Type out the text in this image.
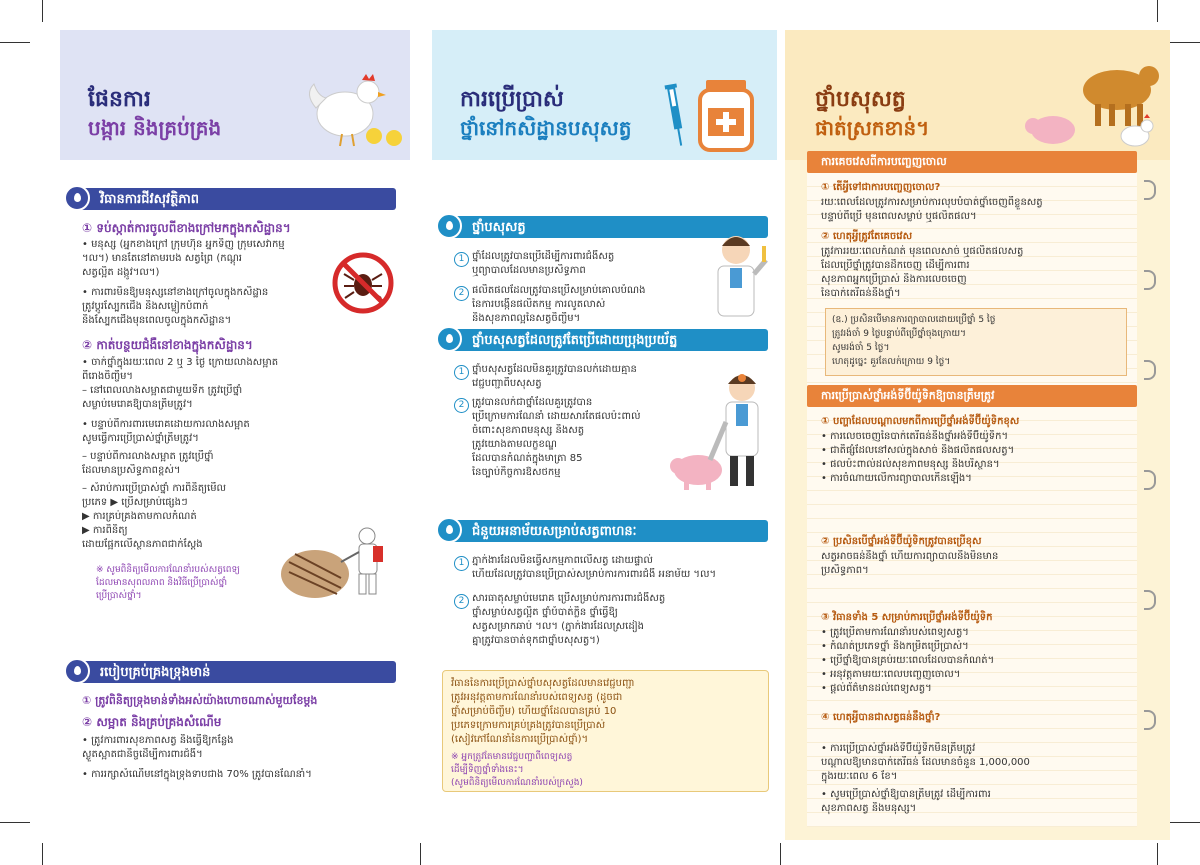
ផែនការ
បង្ការ និងគ្រប់គ្រង
វិធានការជីវសុវត្ថិភាព
① ទប់ស្កាត់ការចូលពីខាងក្រៅមកក្នុងកសិដ្ឋាន។
• មនុស្ស (អ្នកខាងក្រៅ ក្រុមហ៊ុន អ្នកទិញ ក្រុមសេវាកម្ម
។ល។) មានតែនៅតាមរបង សត្វព្រៃ (កណ្ដុរ
សត្វល្អិត ដង្កូវ។ល។)
• ការពារមិនឱ្យមនុស្សនៅខាងក្រៅចូលក្នុងកសិដ្ឋាន
ត្រូវប្តូរស្បែកជើង និងសម្លៀកបំពាក់
និងស្បែកជើងមុនពេលចូលក្នុងកសិដ្ឋាន។
② កាត់បន្ថយជំងឺនៅខាងក្នុងកសិដ្ឋាន។
• ចាក់ថ្នាំក្នុងរយៈពេល 2 ឬ 3 ថ្ងៃ ក្រោយលាងសម្អាត
ពីរោងចិញ្ចឹម។
– នៅពេលលាងសម្អាតជាមួយទឹក ត្រូវប្រើថ្នាំ
សម្លាប់មេរោគឱ្យបានត្រឹមត្រូវ។
• បន្ទាប់ពីការពារមេរោគដោយការលាងសម្អាត
សូមធ្វើការប្រើប្រាស់ថ្នាំត្រឹមត្រូវ។
– បន្ទាប់ពីការលាងសម្អាត ត្រូវប្រើថ្នាំ
ដែលមានប្រសិទ្ធភាពខ្ពស់។
– សំរាប់ការប្រើប្រាស់ថ្នាំ ការពិនិត្យមើល
ប្រភេទ ▶ ប្រើសម្រាប់ផ្សេងៗ
▶ ការគ្រប់គ្រងតាមកាលកំណត់
▶ ការពិនិត្យ
ដោយផ្អែកលើស្ថានភាពជាក់ស្តែង
※ សូមពិនិត្យមើលការណែនាំរបស់សត្វពេទ្យ
ដែលមានសុពលភាព និងវិធីប្រើប្រាស់ថ្នាំ
ប្រើប្រាស់ថ្នាំ។
របៀបគ្រប់គ្រងទ្រុងមាន់
① ត្រូវពិនិត្យទ្រុងមាន់ទាំងអស់យ៉ាងហោចណាស់មួយខែម្តង
② សម្អាត និងគ្រប់គ្រងសំណើម
• ត្រូវការពារសុខភាពសត្វ និងធ្វើឱ្យកន្លែង
ស្ងួតស្អាតជានិច្ចដើម្បីការពារជំងឺ។
• ការរក្សាសំណើមនៅក្នុងទ្រុងទាបជាង 70% ត្រូវបានណែនាំ។
ការប្រើប្រាស់
ថ្នាំនៅកសិដ្ឋានបសុសត្វ
ថ្នាំបសុសត្វ
1 ថ្នាំដែលត្រូវបានប្រើដើម្បីការពារជំងឺសត្វ
ឬព្យាបាលដែលមានប្រសិទ្ធភាព
2 ផលិតផលដែលត្រូវបានប្រើសម្រាប់គោលបំណង
នៃការបង្កើនផលិតកម្ម ការលូតលាស់
និងសុខភាពល្អនៃសត្វចិញ្ចឹម។
ថ្នាំបសុសត្វដែលត្រូវតែប្រើដោយប្រុងប្រយ័ត្ន
1 ថ្នាំបសុសត្វដែលមិនគួរត្រូវបានលក់ដោយគ្មាន
វេជ្ជបញ្ជាពីបសុសត្វ
2 ត្រូវបានលក់ជាថ្នាំដែលគួរត្រូវបាន
ប្រើក្រោមការណែនាំ ដោយសារតែផលប៉ះពាល់
ចំពោះសុខភាពមនុស្ស និងសត្វ
ត្រូវយោងតាមលក្ខខណ្ឌ
ដែលបានកំណត់ក្នុងមាត្រា 85
នៃច្បាប់កិច្ចការឱសថកម្ម
ជំនួយអនាម័យសម្រាប់សត្វពាហនៈ
1 ភ្នាក់ងារដែលមិនធ្វើសកម្មភាពលើសត្វ ដោយផ្ទាល់
ហើយដែលត្រូវបានប្រើប្រាស់សម្រាប់ការការពារជំងឺ អនាម័យ ។ល។
2 សារធាតុសម្លាប់មេរោគ ប្រើសម្រាប់ការការពារជំងឺសត្វ
ថ្នាំសម្លាប់សត្វល្អិត ថ្នាំបំបាត់ក្លិន ថ្នាំធ្វើឱ្យ
សត្វសម្រាកឆាប់ ។ល។ (ភ្នាក់ងារដែលស្រដៀង
គ្នាត្រូវបានចាត់ទុកជាថ្នាំបសុសត្វ។)
វិធាននៃការប្រើប្រាស់ថ្នាំបសុសត្វដែលមានវេជ្ជបញ្ជា
ត្រូវអនុវត្តតាមការណែនាំរបស់ពេទ្យសត្វ (ដូចជា
ថ្នាំសម្រាប់ចិញ្ចឹម) ហើយថ្នាំដែលបានគ្រប់ 10
ប្រភេទក្រោមការគ្រប់គ្រងត្រូវបានប្រើប្រាស់
(សៀវភៅណែនាំនៃការប្រើប្រាស់ថ្នាំ)។
※ អ្នកត្រូវតែមានវេជ្ជបញ្ជាពីពេទ្យសត្វ
ដើម្បីទិញថ្នាំទាំងនេះ។
(សូមពិនិត្យមើលការណែនាំរបស់ក្រសួង)
ថ្នាំបសុសត្វ
ផាត់ស្រកខាន់។
ការគេចវេសពីការបញ្ចេញចោល
① តើអ្វីទៅជាការបញ្ចេញចោល?
រយៈពេលដែលត្រូវការសម្រាប់ការលុបបំបាត់ថ្នាំចេញពីខ្លួនសត្វ
បន្ទាប់ពីប្រើ មុនពេលសម្លាប់ ឬផលិតផល។
② ហេតុអ្វីត្រូវតែគេចវេស
ត្រូវការរយៈពេលកំណត់ មុនពេលសាច់ ឬផលិតផលសត្វ
ដែលប្រើថ្នាំត្រូវបានដឹកចេញ ដើម្បីការពារ
សុខភាពអ្នកប្រើប្រាស់ និងការលេចចេញ
នៃបាក់តេរីធន់នឹងថ្នាំ។
(ឧ.) ប្រសិនបើមានការព្យាបាលដោយប្រើថ្នាំ 5 ថ្ងៃ
ត្រូវរង់ចាំ 9 ថ្ងៃបន្ទាប់ពីប្រើថ្នាំចុងក្រោយ។
សូមរង់ចាំ 5 ថ្ងៃ។
ហេតុដូច្នេះ គួរតែលក់ក្រោយ 9 ថ្ងៃ។
ការប្រើប្រាស់ថ្នាំអង់ទីប៊ីយ៉ូទិកឱ្យបានត្រឹមត្រូវ
① បញ្ហាដែលបណ្តាលមកពីការប្រើថ្នាំអង់ទីប៊ីយ៉ូទិកខុស
• ការលេចចេញនៃបាក់តេរីធន់នឹងថ្នាំអង់ទីប៊ីយ៉ូទិក។
• ជាតិផ្សំដែលនៅសល់ក្នុងសាច់ និងផលិតផលសត្វ។
• ផលប៉ះពាល់ដល់សុខភាពមនុស្ស និងបរិស្ថាន។
• ការចំណាយលើការព្យាបាលកើនឡើង។
② ប្រសិនបើថ្នាំអង់ទីប៊ីយ៉ូទិកត្រូវបានប្រើខុស
សត្វអាចធន់នឹងថ្នាំ ហើយការព្យាបាលនឹងមិនមាន
ប្រសិទ្ធភាព។
③ វិធានទាំង 5 សម្រាប់ការប្រើថ្នាំអង់ទីប៊ីយ៉ូទិក
• ត្រូវប្រើតាមការណែនាំរបស់ពេទ្យសត្វ។
• កំណត់ប្រភេទថ្នាំ និងកម្រិតប្រើប្រាស់។
• ប្រើថ្នាំឱ្យបានគ្រប់រយៈពេលដែលបានកំណត់។
• អនុវត្តតាមរយៈពេលបញ្ចេញចោល។
• ផ្តល់ព័ត៌មានដល់ពេទ្យសត្វ។
④ ហេតុអ្វីបានជាសត្វធន់នឹងថ្នាំ?
• ការប្រើប្រាស់ថ្នាំអង់ទីប៊ីយ៉ូទិកមិនត្រឹមត្រូវ
បណ្តាលឱ្យមានបាក់តេរីធន់ ដែលមានចំនួន 1,000,000
ក្នុងរយៈពេល 6 ខែ។
• សូមប្រើប្រាស់ថ្នាំឱ្យបានត្រឹមត្រូវ ដើម្បីការពារ
សុខភាពសត្វ និងមនុស្ស។
